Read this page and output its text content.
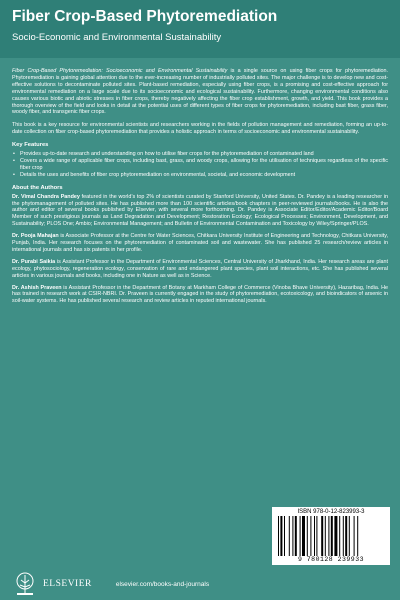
Fiber Crop-Based Phytoremediation
Socio-Economic and Environmental Sustainability

Fiber Crop-Based Phytoremediation: Socioeconomic and Environmental Sustainability is a single source on using fiber crops for phytoremediation. Phytoremediation is gaining global attention due to the ever-increasing number of industrially polluted sites. The major challenge is to develop new and cost-effective solutions to decontaminate polluted sites. Plant-based remediation, especially using fiber crops, is a promising and cost-effective approach for environmental remediation on a large scale due to its socioeconomic and ecological sustainability. Furthermore, changing environmental conditions also causes various biotic and abiotic stresses in fiber crops, thereby negatively affecting the fiber crop establishment, growth, and yield. This book provides a thorough overview of the field and looks in detail at the potential uses of different types of fiber crops for phytoremediation, including bast fiber, grass fiber, woody fiber, and transgenic fiber crops.

This book is a key resource for environmental scientists and researchers working in the fields of pollution management and remediation, forming an up-to-date collection on fiber crop-based phytoremediation that provides a holistic approach in terms of socioeconomic and environmental sustainability.

Key Features
• Provides up-to-date research and understanding on how to utilise fiber crops for the phytoremediation of contaminated land
• Covers a wide range of applicable fiber crops, including bast, grass, and woody crops, allowing for the utilisation of techniques regardless of the specific fiber crop
• Details the uses and benefits of fiber crop phytoremediation on environmental, societal, and economic development
About the Authors

Dr. Vimal Chandra Pandey featured in the world’s top 2% of scientists curated by Stanford University, United States. Dr. Pandey is a leading researcher in the phytomanagement of polluted sites. He has published more than 100 scientific articles/book chapters in peer-reviewed journals/books. He is also the author and editor of several books published by Elsevier, with several more forthcoming. Dr. Pandey is Associate Editor/Editor/Academic Editor/Board Member of such prestigious journals as Land Degradation and Development; Restoration Ecology; Ecological Processes; Environment, Development, and Sustainability; PLOS One; Ambio; Environmental Management; and Bulletin of Environmental Contamination and Toxicology by Wiley/Springer/PLOS.

Dr. Pooja Mahajan is Associate Professor at the Centre for Water Sciences, Chitkara University Institute of Engineering and Technology, Chitkara University, Punjab, India. Her research focuses on the phytoremediation of contaminated soil and wastewater. She has published 25 research/review articles in international journals and has six patents in her profile.

Dr. Purabi Saikia is Assistant Professor in the Department of Environmental Sciences, Central University of Jharkhand, India. Her research areas are plant ecology, phytosociology, regeneration ecology, conservation of rare and endangered plant species, plant soil interactions, etc. She has published several articles in various journals and books, including one in Nature as well as in Science.

Dr. Ashish Praveen is Assistant Professor in the Department of Botany at Markham College of Commerce (Vinoba Bhave University), Hazaribag, India. He has trained in research work at CSIR-NBRI. Dr. Praveen is currently engaged in the study of phytoremediation, ecotoxicology, and bioindicators of arsenic in soil-water systems. He has published several research and review articles in reputed international journals.

ISBN 978-0-12-823993-3
9 780128 239933
ELSEVIER	elsevier.com/books-and-journals
